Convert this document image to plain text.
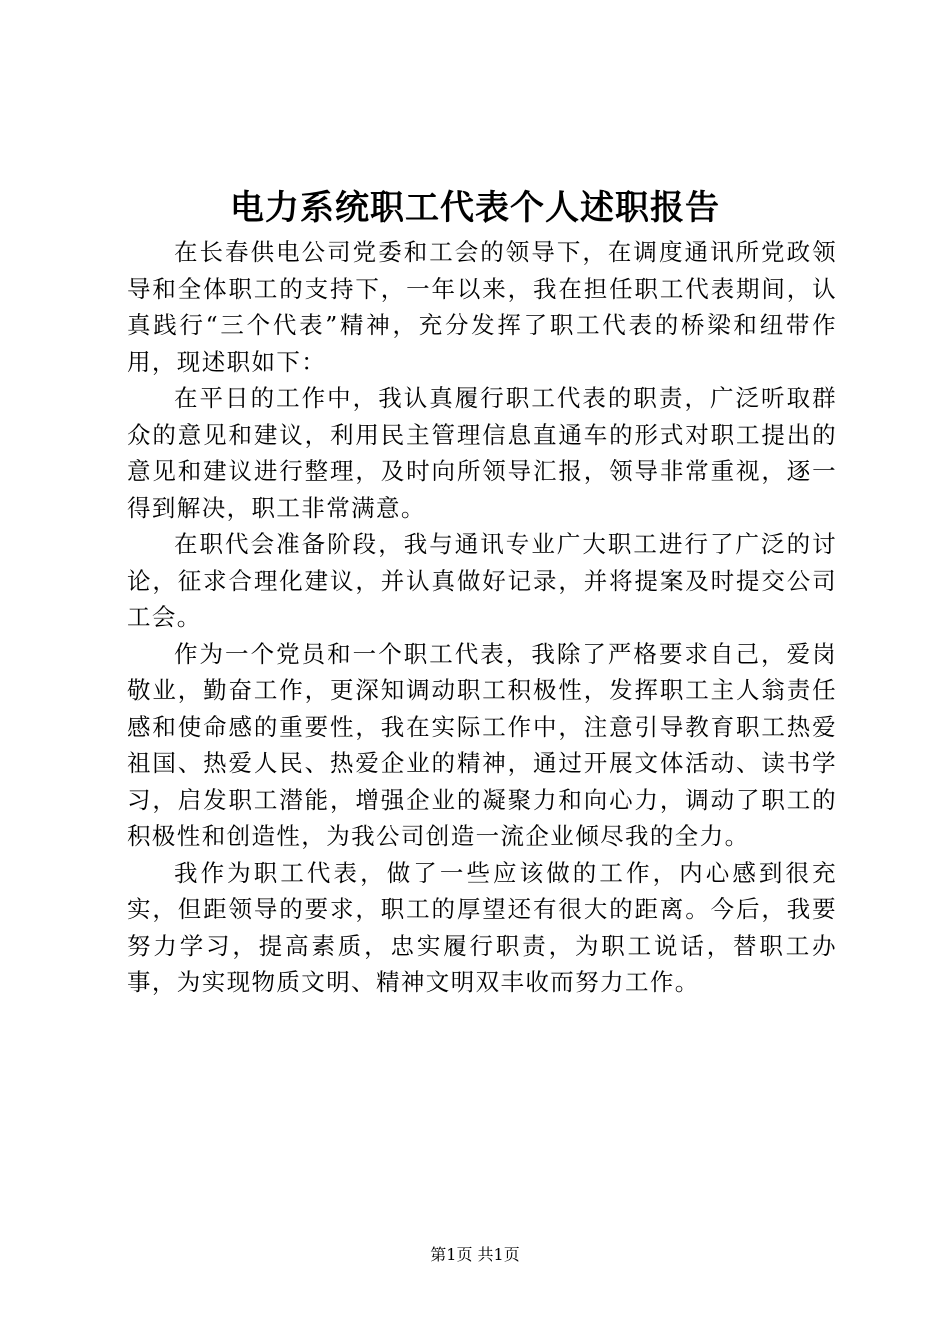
电力系统职工代表个人述职报告

在长春供电公司党委和工会的领导下，在调度通讯所党政领导和全体职工的支持下，一年以来，我在担任职工代表期间，认真践行“三个代表”精神，充分发挥了职工代表的桥梁和纽带作用，现述职如下：

在平日的工作中，我认真履行职工代表的职责，广泛听取群众的意见和建议，利用民主管理信息直通车的形式对职工提出的意见和建议进行整理，及时向所领导汇报，领导非常重视，逐一得到解决，职工非常满意。

在职代会准备阶段，我与通讯专业广大职工进行了广泛的讨论，征求合理化建议，并认真做好记录，并将提案及时提交公司工会。

作为一个党员和一个职工代表，我除了严格要求自己，爱岗敬业，勤奋工作，更深知调动职工积极性，发挥职工主人翁责任感和使命感的重要性，我在实际工作中，注意引导教育职工热爱祖国、热爱人民、热爱企业的精神，通过开展文体活动、读书学习，启发职工潜能，增强企业的凝聚力和向心力，调动了职工的积极性和创造性，为我公司创造一流企业倾尽我的全力。

我作为职工代表，做了一些应该做的工作，内心感到很充实，但距领导的要求，职工的厚望还有很大的距离。今后，我要努力学习，提高素质，忠实履行职责，为职工说话，替职工办事，为实现物质文明、精神文明双丰收而努力工作。

第1页 共1页
